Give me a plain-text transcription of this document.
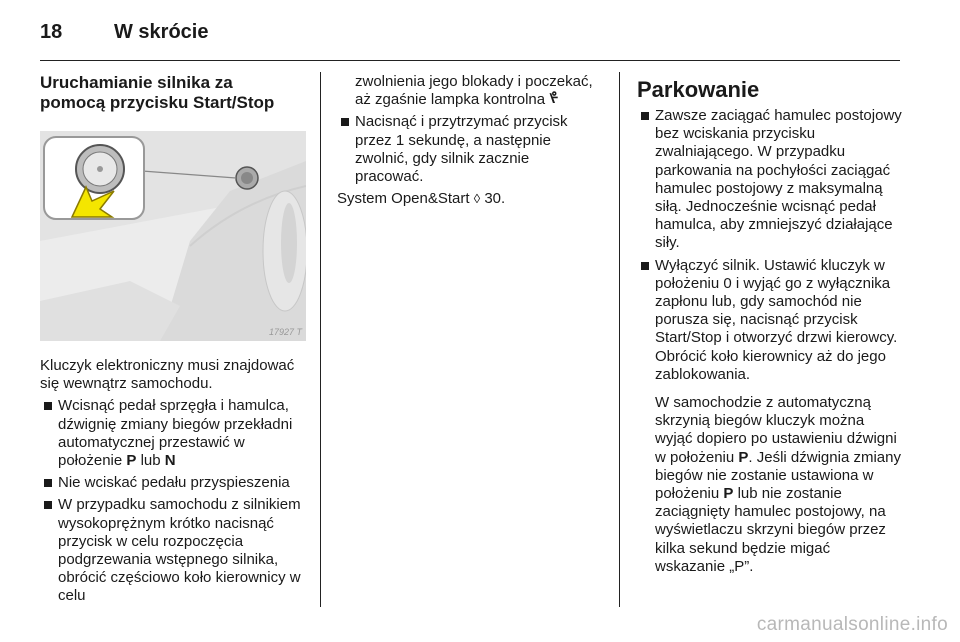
18	W skrócie
Uruchamianie silnika za
pomocą przycisku Start/Stop
17927 T

Kluczyk elektroniczny musi znajdować się wewnątrz samochodu.

Wcisnąć pedał sprzęgła i hamulca, dźwignię zmiany biegów przekładni automatycznej przestawić w położenie P lub N
Nie wciskać pedału przyspieszenia
W przypadku samochodu z silnikiem wysokoprężnym krótko nacisnąć przycisk w celu rozpoczęcia podgrzewania wstępnego silnika, obrócić częściowo koło kierownicy w celu
zwolnienia jego blokady i poczekać, aż zgaśnie lampka kontrolna ᢞ
Nacisnąć i przytrzymać przycisk przez 1 sekundę, a następnie zwolnić, gdy silnik zacznie pracować.

System Open&Start ◊ 30.

Parkowanie
Zawsze zaciągać hamulec postojowy bez wciskania przycisku zwalniającego. W przypadku parkowania na pochyłości zaciągać hamulec postojowy z maksymalną siłą. Jednocześnie wcisnąć pedał hamulca, aby zmniejszyć działające siły.
Wyłączyć silnik. Ustawić kluczyk w położeniu 0 i wyjąć go z wyłącznika zapłonu lub, gdy samochód nie porusza się, nacisnąć przycisk Start/Stop i otworzyć drzwi kierowcy. Obrócić koło kierownicy aż do jego zablokowania.
W samochodzie z automatyczną skrzynią biegów kluczyk można wyjąć dopiero po ustawieniu dźwigni w położeniu P. Jeśli dźwignia zmiany biegów nie zostanie ustawiona w położeniu P lub nie zostanie zaciągnięty hamulec postojowy, na wyświetlaczu skrzyni biegów przez kilka sekund będzie migać wskazanie „P”.
carmanualsonline.info
